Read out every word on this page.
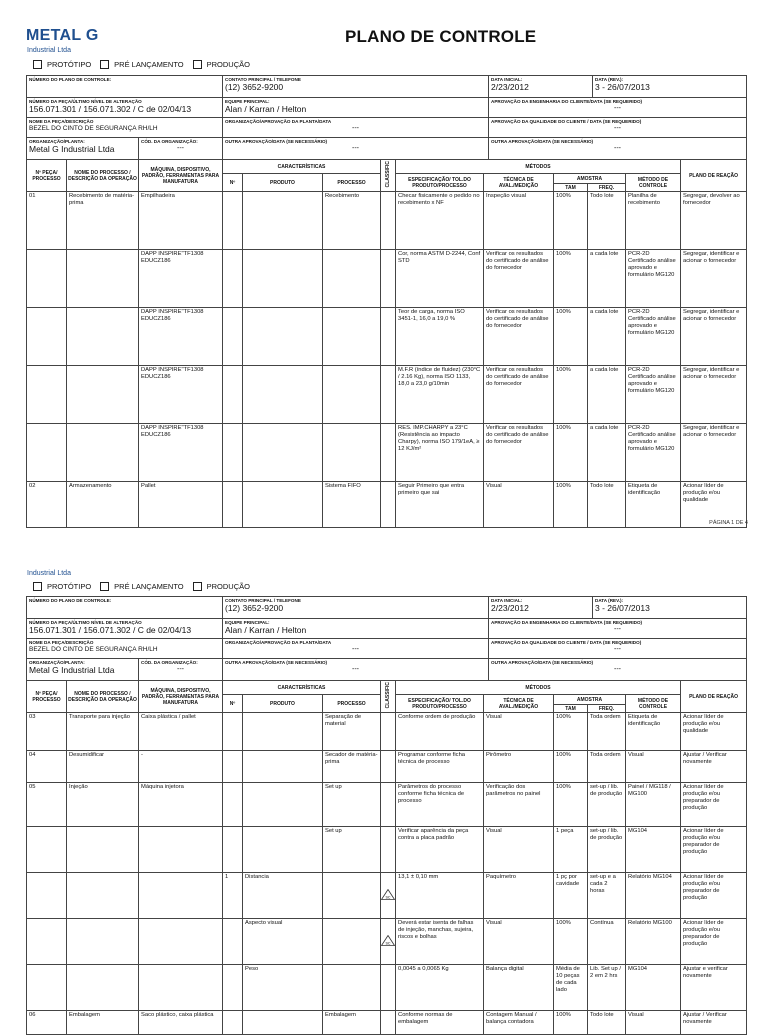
METAL G
Industrial Ltda
PLANO DE CONTROLE
PROTÓTIPO	PRÉ LANÇAMENTO	PRODUÇÃO
NÚMERO DO PLANO DE CONTROLE:	CONTATO PRINCIPAL / TELEFONE
(12) 3652-9200	DATA INICIAL:
2/23/2012	DATA (REV.):
3 - 26/07/2013

NÚMERO DA PEÇA/ÚLTIMO NÍVEL DE ALTERAÇÃO
156.071.301 / 156.071.302 / C de 02/04/13	EQUIPE PRINCIPAL:
Alan / Karran / Helton	APROVAÇÃO DA ENGENHARIA DO CLIENTE/DATA (SE REQUERIDO)
---	

NOME DA PEÇA/DESCRIÇÃO
BEZEL DO CINTO DE SEGURANÇA RH/LH	ORGANIZAÇÃO/APROVAÇÃO DA PLANTA/DATA
---	APROVAÇÃO DA QUALIDADE DO CLIENTE / DATA (SE REQUERIDO)
---	
ORGANIZAÇÃO/PLANTA:
Metal G Industrial Ltda

CÓD. DA ORGANIZAÇÃO:
---

OUTRA APROVAÇÃO/DATA (SE NECESSÁRIO)
---

OUTRA APROVAÇÃO/DATA (SE NECESSÁRIO)
---
Nº PEÇA/ PROCESSO	NOME DO PROCESSO / DESCRIÇÃO DA OPERAÇÃO	MÁQUINA, DISPOSITIVO, PADRÃO, FERRAMENTAS PARA MANUFATURA	CARACTERÍSTICAS			CLASSIFIC	MÉTODOS					PLANO DE REAÇÃO
			Nº	PRODUTO	PROCESSO		ESPECIFICAÇÃO/ TOL.DO PRODUTO/PROCESSO	TÉCNICA DE AVAL./MEDIÇÃO	AMOSTRA		MÉTODO DE CONTROLE	
									TAM	FREQ.		
01	Recebimento de matéria-prima	Empilhadeira			Recebimento		Checar fisicamente o pedido no recebimento x NF	Inspeção visual	100%	Todo lote	Planilha de recebimento	Segregar, devolver ao fornecedor
		DAPP INSPIRE"TF1308 EDUCZ186					Cor, norma ASTM D-2244, Conf STD	Verificar os resultados do certificado de análise do fornecedor	100%	a cada lote	PCR-2D Certificado análise aprovado e formulário MG120	Segregar, identificar e acionar o fornecedor
		DAPP INSPIRE"TF1308 EDUCZ186					Teor de carga, norma ISO 3451-1, 16,0 a 19,0 %	Verificar os resultados do certificado de análise do fornecedor	100%	a cada lote	PCR-2D Certificado análise aprovado e formulário MG120	Segregar, identificar e acionar o fornecedor
		DAPP INSPIRE"TF1308 EDUCZ186					M.F.R (índice de fluidez) (230°C / 2.16 Kg), norma ISO 1133, 18,0 a 23,0 g/10min	Verificar os resultados do certificado de análise do fornecedor	100%	a cada lote	PCR-2D Certificado análise aprovado e formulário MG120	Segregar, identificar e acionar o fornecedor
		DAPP INSPIRE"TF1308 EDUCZ186					RES. IMP.CHARPY a 23°C (Resistência ao impacto Charpy), norma ISO 179/1eA, ≥ 12 KJ/m²	Verificar os resultados do certificado de análise do fornecedor	100%	a cada lote	PCR-2D Certificado análise aprovado e formulário MG120	Segregar, identificar e acionar o fornecedor
02	Armazenamento	Pallet			Sistema FIFO		Seguir Primeiro que entra primeiro que sai	Visual	100%	Todo lote	Etiqueta de identificação	Acionar líder de produção e/ou qualidade
PÁGINA 1 DE 4
Industrial Ltda
PROTÓTIPO	PRÉ LANÇAMENTO	PRODUÇÃO
NÚMERO DO PLANO DE CONTROLE:	CONTATO PRINCIPAL / TELEFONE
(12) 3652-9200	DATA INICIAL:
2/23/2012	DATA (REV.):
3 - 26/07/2013

NÚMERO DA PEÇA/ÚLTIMO NÍVEL DE ALTERAÇÃO
156.071.301 / 156.071.302 / C de 02/04/13	EQUIPE PRINCIPAL:
Alan / Karran / Helton	APROVAÇÃO DA ENGENHARIA DO CLIENTE/DATA (SE REQUERIDO)
---	

NOME DA PEÇA/DESCRIÇÃO
BEZEL DO CINTO DE SEGURANÇA RH/LH	ORGANIZAÇÃO/APROVAÇÃO DA PLANTA/DATA
---	APROVAÇÃO DA QUALIDADE DO CLIENTE / DATA (SE REQUERIDO)
---	
ORGANIZAÇÃO/PLANTA:
Metal G Industrial Ltda

CÓD. DA ORGANIZAÇÃO:
---

OUTRA APROVAÇÃO/DATA (SE NECESSÁRIO)
---

OUTRA APROVAÇÃO/DATA (SE NECESSÁRIO)
---
Nº PEÇA/ PROCESSO	NOME DO PROCESSO / DESCRIÇÃO DA OPERAÇÃO	MÁQUINA, DISPOSITIVO, PADRÃO, FERRAMENTAS PARA MANUFATURA	CARACTERÍSTICAS			CLASSIFIC	MÉTODOS					PLANO DE REAÇÃO
			Nº	PRODUTO	PROCESSO		ESPECIFICAÇÃO/ TOL.DO PRODUTO/PROCESSO	TÉCNICA DE AVAL./MEDIÇÃO	AMOSTRA		MÉTODO DE CONTROLE	
									TAM	FREQ.		
03	Transporte para injeção	Caixa plástica / pallet			Separação de material		Conforme ordem de produção	Visual	100%	Toda ordem	Etiqueta de identificação	Acionar líder de produção e/ou qualidade
04	Desumidificar	-			Secador de matéria-prima		Programar conforme ficha técnica de processo	Pirômetro	100%	Toda ordem	Visual	Ajustar / Verificar novamente
05	Injeção	Máquina injetora			Set up		Parâmetros do processo conforme ficha técnica de processo	Verificação dos parâmetros no painel	100%	set-up / lib. de produção	Painel / MG118 / MG100	Acionar líder de produção e/ou preparador de produção
					Set up		Verificar aparência da peça contra a placa padrão	Visual	1 peça	set-up / lib. de produção	MG104	Acionar líder de produção e/ou preparador de produção
			1	Distancia		SC	13,1 ± 0,10 mm	Paquímetro	1 pç por cavidade	set-up e a cada 2 horas	Relatório MG104	Acionar líder de produção e/ou preparador de produção
				Aspecto visual		SC	Deverá estar isenta de falhas de injeção, manchas, sujeira, riscos e bolhas	Visual	100%	Contínua	Relatório MG100	Acionar líder de produção e/ou preparador de produção
				Peso			0,0045 a 0,0065 Kg	Balança digital	Média de 10 peças de cada lado	Lib. Set up / 2 em 2 hrs	MG104	Ajustar e verificar novamente
06	Embalagem	Saco plástico, caixa plástica			Embalagem		Conforme normas de embalagem	Contagem Manual / balança contadora	100%	Todo lote	Visual	Ajustar / Verificar novamente
